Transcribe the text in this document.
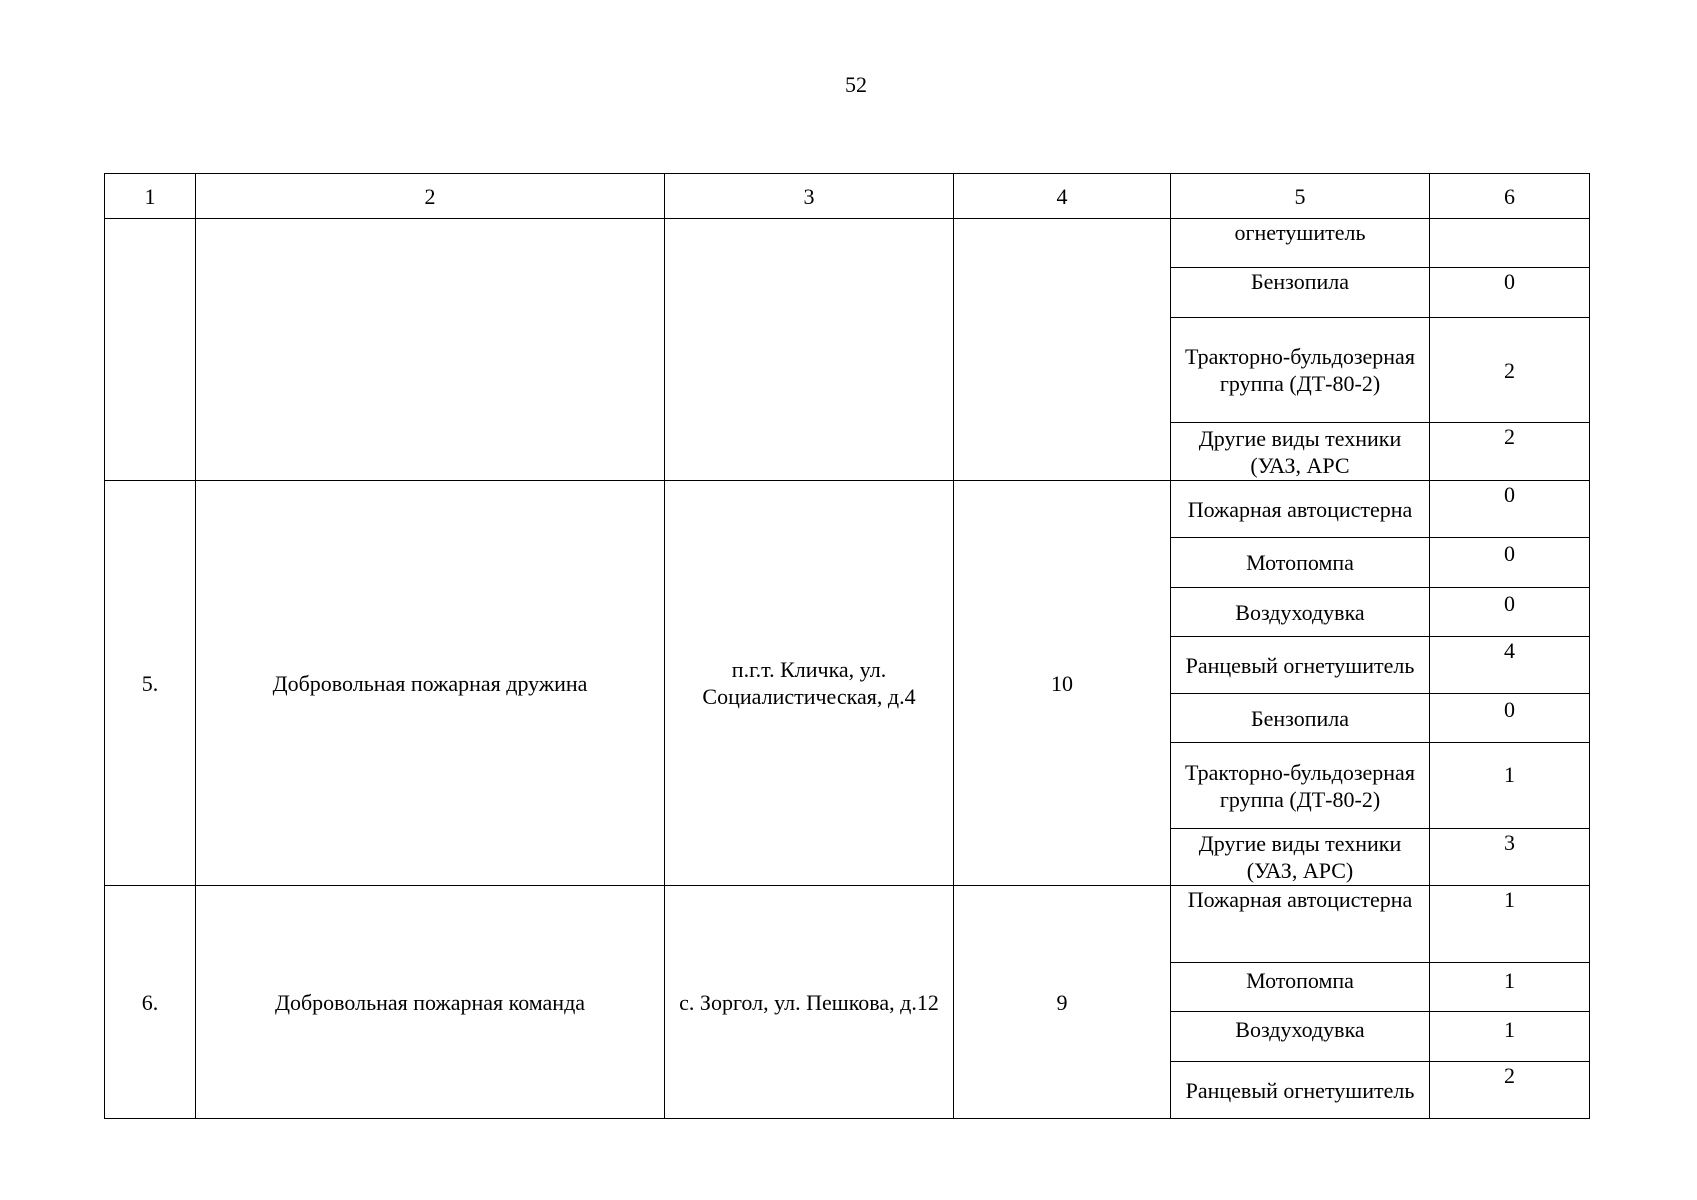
52
1	2	3	4	5	6
				огнетушитель	
				Бензопила	0
				Тракторно-бульдозерная группа (ДТ-80-2)	2
				Другие виды техники (УАЗ, АРС	2
5.	Добровольная пожарная дружина	п.г.т. Кличка, ул. Социалистическая, д.4	10	Пожарная автоцистерна	0
				Мотопомпа	0
				Воздуходувка	0
				Ранцевый огнетушитель	4
				Бензопила	0
				Тракторно-бульдозерная группа (ДТ-80-2)	1
				Другие виды техники (УАЗ, АРС)	3
6.	Добровольная пожарная команда	с. Зоргол, ул. Пешкова, д.12	9	Пожарная автоцистерна	1
				Мотопомпа	1
				Воздуходувка	1
				Ранцевый огнетушитель	2
